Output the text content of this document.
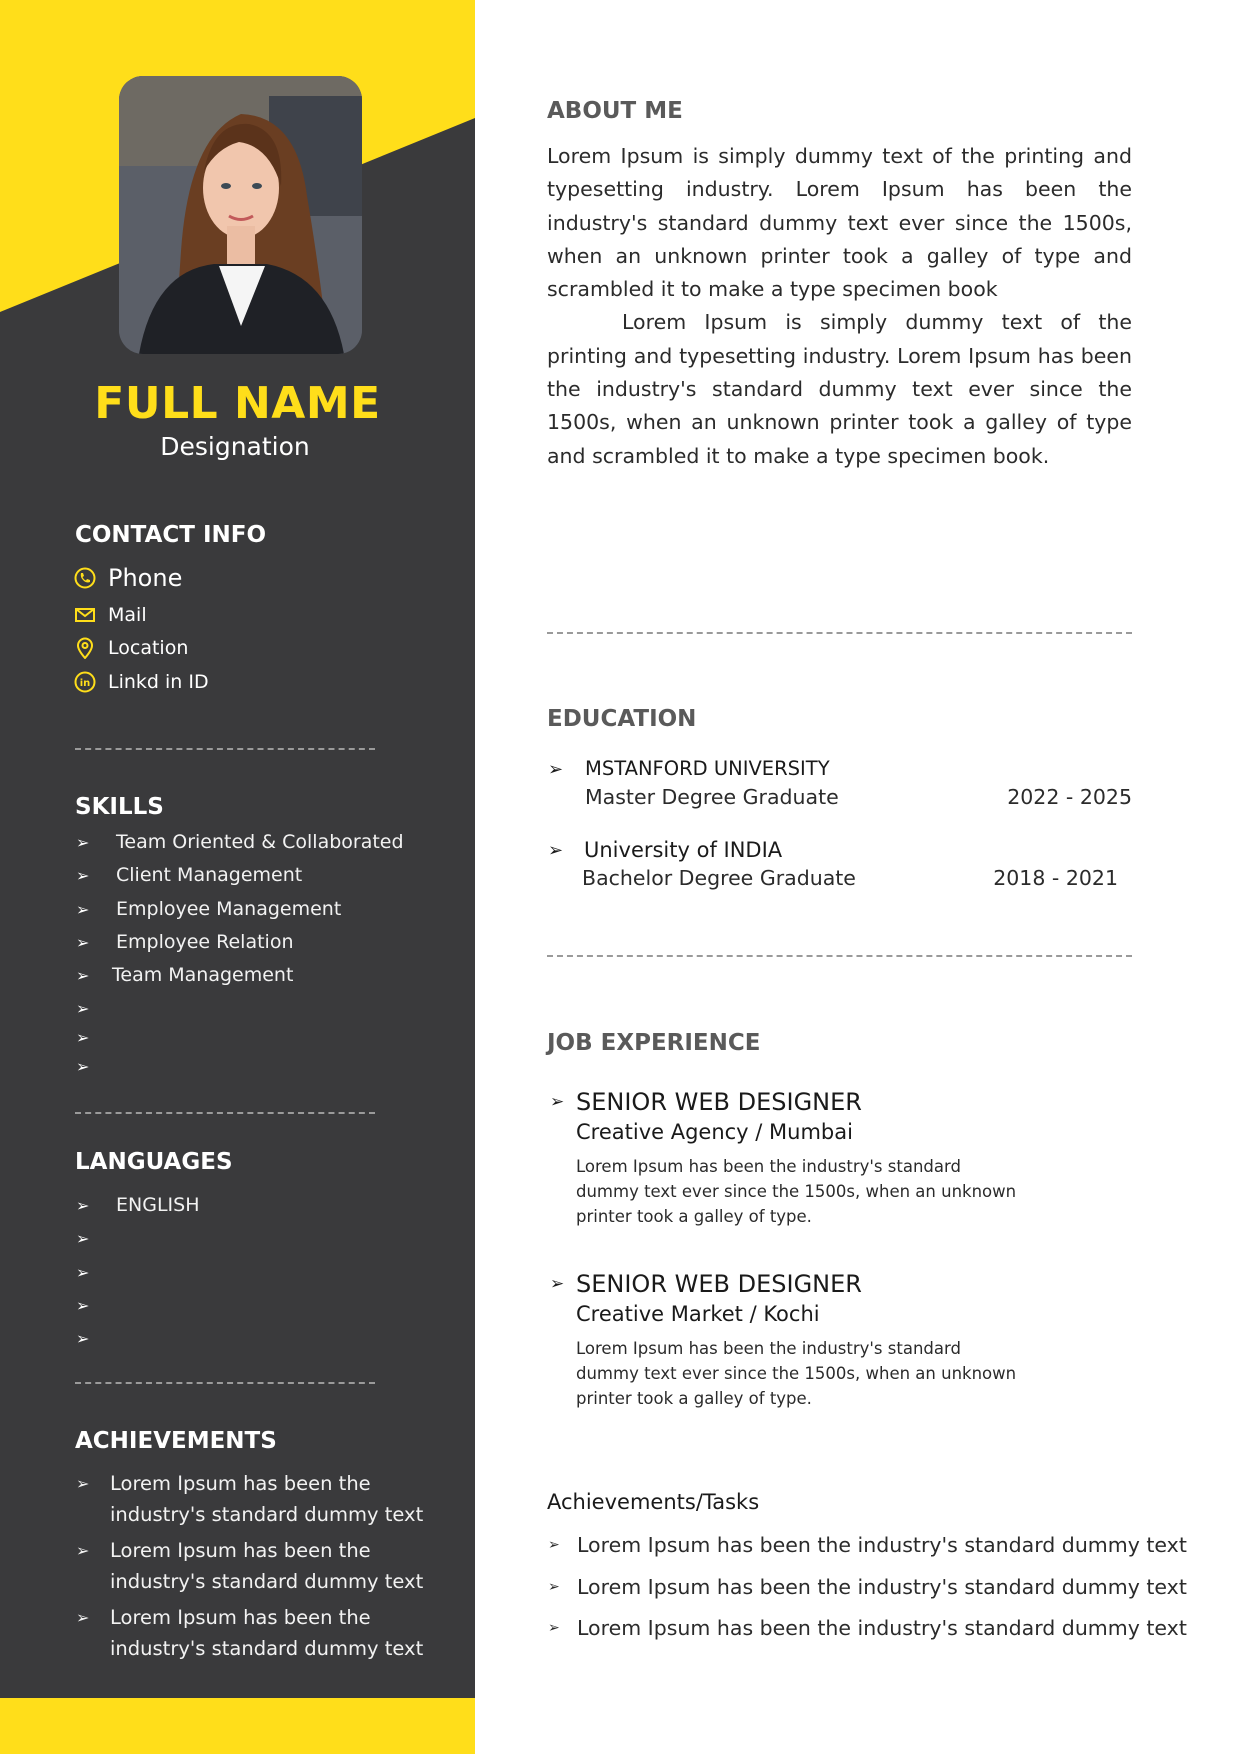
FULL NAME
Designation
CONTACT INFO
Phone
Mail
Location
in Linkd in ID
SKILLS
➢ Team Oriented & Collaborated
➢ Client Management
➢ Employee Management
➢ Employee Relation
➢ Team Management
➢
➢
➢
LANGUAGES
➢ ENGLISH
➢
➢
➢
➢
ACHIEVEMENTS
➢ Lorem Ipsum has been the industry's standard dummy text
➢ Lorem Ipsum has been the industry's standard dummy text
➢ Lorem Ipsum has been the industry's standard dummy text
ABOUT ME

Lorem Ipsum is simply dummy text of the printing and typesetting industry. Lorem Ipsum has been the industry's standard dummy text ever since the 1500s, when an unknown printer took a galley of type and scrambled it to make a type specimen book

Lorem Ipsum is simply dummy text of the printing and typesetting industry. Lorem Ipsum has been the industry's standard dummy text ever since the 1500s, when an unknown printer took a galley of type and scrambled it to make a type specimen book.

EDUCATION
➢ MSTANFORD UNIVERSITY
Master Degree Graduate	2022 - 2025
➢ University of INDIA
Bachelor Degree Graduate	2018 - 2021
JOB EXPERIENCE
➢ SENIOR WEB DESIGNER
Creative Agency / Mumbai
Lorem Ipsum has been the industry's standard dummy text ever since the 1500s, when an unknown printer took a galley of type.
➢ SENIOR WEB DESIGNER
Creative Market / Kochi
Lorem Ipsum has been the industry's standard dummy text ever since the 1500s, when an unknown printer took a galley of type.
Achievements/Tasks
➢ Lorem Ipsum has been the industry's standard dummy text
➢ Lorem Ipsum has been the industry's standard dummy text
➢ Lorem Ipsum has been the industry's standard dummy text
